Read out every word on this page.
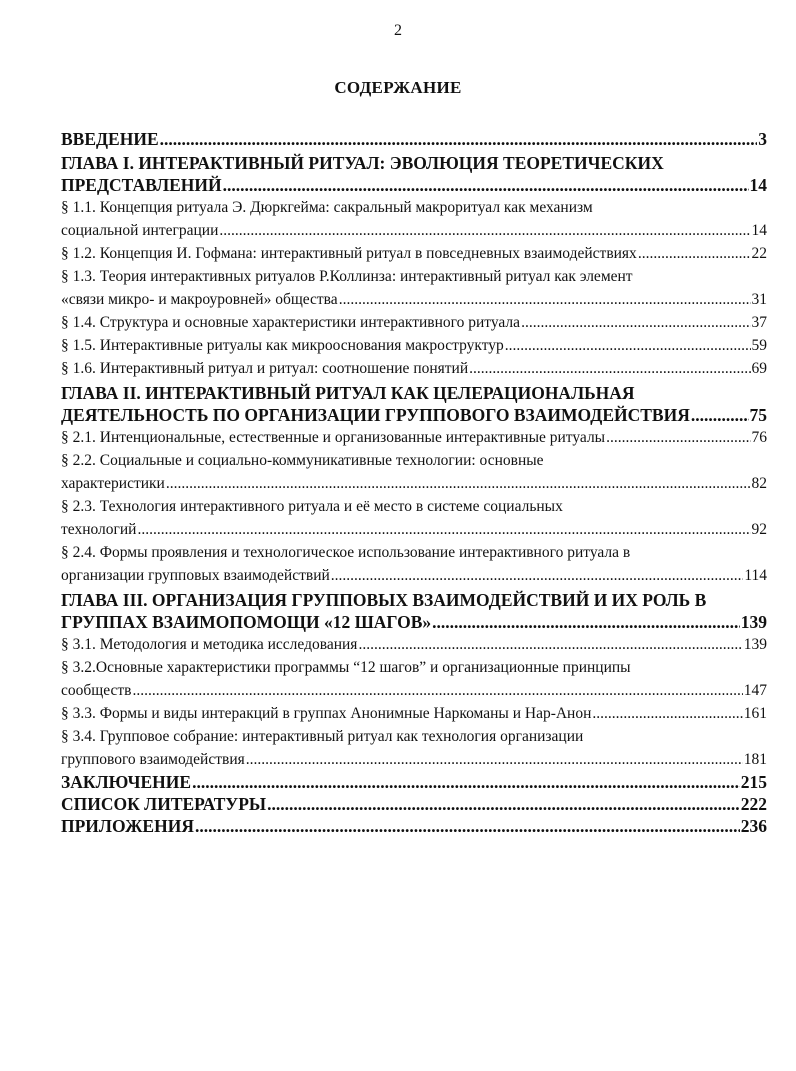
2
СОДЕРЖАНИЕ
ВВЕДЕНИЕ .....	3
ГЛАВА I. ИНТЕРАКТИВНЫЙ РИТУАЛ: ЭВОЛЮЦИЯ ТЕОРЕТИЧЕСКИХ
ПРЕДСТАВЛЕНИЙ .....	14
§ 1.1. Концепция ритуала Э. Дюркгейма: сакральный макроритуал как механизм
социальной интеграции .....	14
§ 1.2. Концепция И. Гофмана: интерактивный ритуал в повседневных взаимодействиях .....	22
§ 1.3. Теория интерактивных ритуалов Р.Коллинза: интерактивный ритуал как элемент
«связи микро- и макроуровней» общества .....	31
§ 1.4. Структура и основные характеристики интерактивного ритуала .....	37
§ 1.5. Интерактивные ритуалы как микрооснования макроструктур .....	59
§ 1.6. Интерактивный ритуал и ритуал: соотношение понятий .....	69
ГЛАВА II. ИНТЕРАКТИВНЫЙ РИТУАЛ КАК ЦЕЛЕРАЦИОНАЛЬНАЯ
ДЕЯТЕЛЬНОСТЬ ПО ОРГАНИЗАЦИИ ГРУППОВОГО ВЗАИМОДЕЙСТВИЯ .....	75
§ 2.1. Интенциональные, естественные и организованные интерактивные ритуалы .....	76
§ 2.2. Социальные и социально-коммуникативные технологии: основные
характеристики .....	82
§ 2.3. Технология интерактивного ритуала и её место в системе социальных
технологий .....	92
§ 2.4. Формы проявления и технологическое использование интерактивного ритуала в
организации групповых взаимодействий .....	114
ГЛАВА III. ОРГАНИЗАЦИЯ ГРУППОВЫХ ВЗАИМОДЕЙСТВИЙ И ИХ РОЛЬ В
ГРУППАХ ВЗАИМОПОМОЩИ «12 ШАГОВ» .....	139
§ 3.1. Методология и методика исследования .....	139
§ 3.2.Основные характеристики программы “12 шагов” и организационные принципы
сообществ .....	147
§ 3.3. Формы и виды интеракций в группах Анонимные Наркоманы и Нар-Анон .....	161
§ 3.4. Групповое собрание: интерактивный ритуал как технология организации
группового взаимодействия .....	181
ЗАКЛЮЧЕНИЕ .....	215
СПИСОК ЛИТЕРАТУРЫ .....	222
ПРИЛОЖЕНИЯ .....	236
